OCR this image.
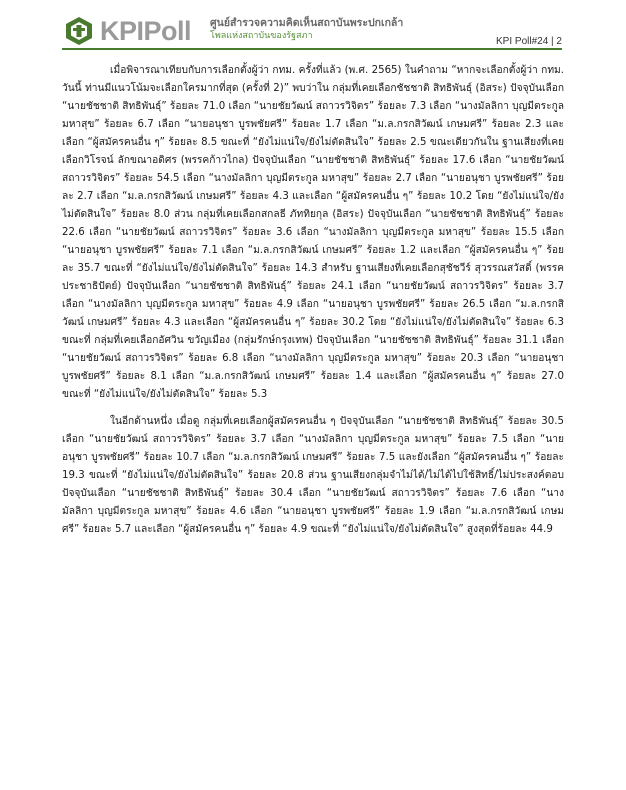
KPIPoll ศูนย์สำรวจความคิดเห็นสถาบันพระปกเกล้า
โพลแห่งสถาบันของรัฐสภา	KPI Poll#24 | 2

เมื่อพิจารณาเทียบกับการเลือกตั้งผู้ว่า กทม. ครั้งที่แล้ว (พ.ศ. 2565) ในคำถาม “หากจะเลือกตั้งผู้ว่า กทม. วันนี้ ท่านมีแนวโน้มจะเลือกใครมากที่สุด (ครั้งที่ 2)” พบว่าใน กลุ่มที่เคยเลือกชัชชาติ สิทธิพันธุ์ (อิสระ) ปัจจุบันเลือก “นายชัชชาติ สิทธิพันธุ์” ร้อยละ 71.0 เลือก “นายชัยวัฒน์ สถาวรวิจิตร” ร้อยละ 7.3 เลือก “นางมัลลิกา บุญมีตระกูล มหาสุข” ร้อยละ 6.7 เลือก “นายอนุชา บูรพชัยศรี” ร้อยละ 1.7 เลือก “ม.ล.กรกสิวัฒน์ เกษมศรี” ร้อยละ 2.3 และเลือก “ผู้สมัครคนอื่น ๆ” ร้อยละ 8.5 ขณะที่ “ยังไม่แน่ใจ/ยังไม่ตัดสินใจ” ร้อยละ 2.5 ขณะเดียวกันใน ฐานเสียงที่เคยเลือกวิโรจน์ ลักขณาอดิศร (พรรคก้าวไกล) ปัจจุบันเลือก “นายชัชชาติ สิทธิพันธุ์” ร้อยละ 17.6 เลือก “นายชัยวัฒน์ สถาวรวิจิตร” ร้อยละ 54.5 เลือก “นางมัลลิกา บุญมีตระกูล มหาสุข” ร้อยละ 2.7 เลือก “นายอนุชา บูรพชัยศรี” ร้อยละ 2.7 เลือก “ม.ล.กรกสิวัฒน์ เกษมศรี” ร้อยละ 4.3 และเลือก “ผู้สมัครคนอื่น ๆ” ร้อยละ 10.2 โดย “ยังไม่แน่ใจ/ยังไม่ตัดสินใจ” ร้อยละ 8.0 ส่วน กลุ่มที่เคยเลือกสกลธี ภัททิยกุล (อิสระ) ปัจจุบันเลือก “นายชัชชาติ สิทธิพันธุ์” ร้อยละ 22.6 เลือก “นายชัยวัฒน์ สถาวรวิจิตร” ร้อยละ 3.6 เลือก “นางมัลลิกา บุญมีตระกูล มหาสุข” ร้อยละ 15.5 เลือก “นายอนุชา บูรพชัยศรี” ร้อยละ 7.1 เลือก “ม.ล.กรกสิวัฒน์ เกษมศรี” ร้อยละ 1.2 และเลือก “ผู้สมัครคนอื่น ๆ” ร้อยละ 35.7 ขณะที่ “ยังไม่แน่ใจ/ยังไม่ตัดสินใจ” ร้อยละ 14.3 สำหรับ ฐานเสียงที่เคยเลือกสุชัชวีร์ สุวรรณสวัสดิ์ (พรรคประชาธิปัตย์) ปัจจุบันเลือก “นายชัชชาติ สิทธิพันธุ์” ร้อยละ 24.1 เลือก “นายชัยวัฒน์ สถาวรวิจิตร” ร้อยละ 3.7 เลือก “นางมัลลิกา บุญมีตระกูล มหาสุข” ร้อยละ 4.9 เลือก “นายอนุชา บูรพชัยศรี” ร้อยละ 26.5 เลือก “ม.ล.กรกสิวัฒน์ เกษมศรี” ร้อยละ 4.3 และเลือก “ผู้สมัครคนอื่น ๆ” ร้อยละ 30.2 โดย “ยังไม่แน่ใจ/ยังไม่ตัดสินใจ” ร้อยละ 6.3 ขณะที่ กลุ่มที่เคยเลือกอัศวิน ขวัญเมือง (กลุ่มรักษ์กรุงเทพ) ปัจจุบันเลือก “นายชัชชาติ สิทธิพันธุ์” ร้อยละ 31.1 เลือก “นายชัยวัฒน์ สถาวรวิจิตร” ร้อยละ 6.8 เลือก “นางมัลลิกา บุญมีตระกูล มหาสุข” ร้อยละ 20.3 เลือก “นายอนุชา บูรพชัยศรี” ร้อยละ 8.1 เลือก “ม.ล.กรกสิวัฒน์ เกษมศรี” ร้อยละ 1.4 และเลือก “ผู้สมัครคนอื่น ๆ” ร้อยละ 27.0 ขณะที่ “ยังไม่แน่ใจ/ยังไม่ตัดสินใจ” ร้อยละ 5.3

ในอีกด้านหนึ่ง เมื่อดู กลุ่มที่เคยเลือกผู้สมัครคนอื่น ๆ ปัจจุบันเลือก “นายชัชชาติ สิทธิพันธุ์” ร้อยละ 30.5 เลือก “นายชัยวัฒน์ สถาวรวิจิตร” ร้อยละ 3.7 เลือก “นางมัลลิกา บุญมีตระกูล มหาสุข” ร้อยละ 7.5 เลือก “นายอนุชา บูรพชัยศรี” ร้อยละ 10.7 เลือก “ม.ล.กรกสิวัฒน์ เกษมศรี” ร้อยละ 7.5 และยังเลือก “ผู้สมัครคนอื่น ๆ” ร้อยละ 19.3 ขณะที่ “ยังไม่แน่ใจ/ยังไม่ตัดสินใจ” ร้อยละ 20.8 ส่วน ฐานเสียงกลุ่มจำไม่ได้/ไม่ได้ไปใช้สิทธิ์/ไม่ประสงค์ตอบ ปัจจุบันเลือก “นายชัชชาติ สิทธิพันธุ์” ร้อยละ 30.4 เลือก “นายชัยวัฒน์ สถาวรวิจิตร” ร้อยละ 7.6 เลือก “นางมัลลิกา บุญมีตระกูล มหาสุข” ร้อยละ 4.6 เลือก “นายอนุชา บูรพชัยศรี” ร้อยละ 1.9 เลือก “ม.ล.กรกสิวัฒน์ เกษมศรี” ร้อยละ 5.7 และเลือก “ผู้สมัครคนอื่น ๆ” ร้อยละ 4.9 ขณะที่ “ยังไม่แน่ใจ/ยังไม่ตัดสินใจ” สูงสุดที่ร้อยละ 44.9
